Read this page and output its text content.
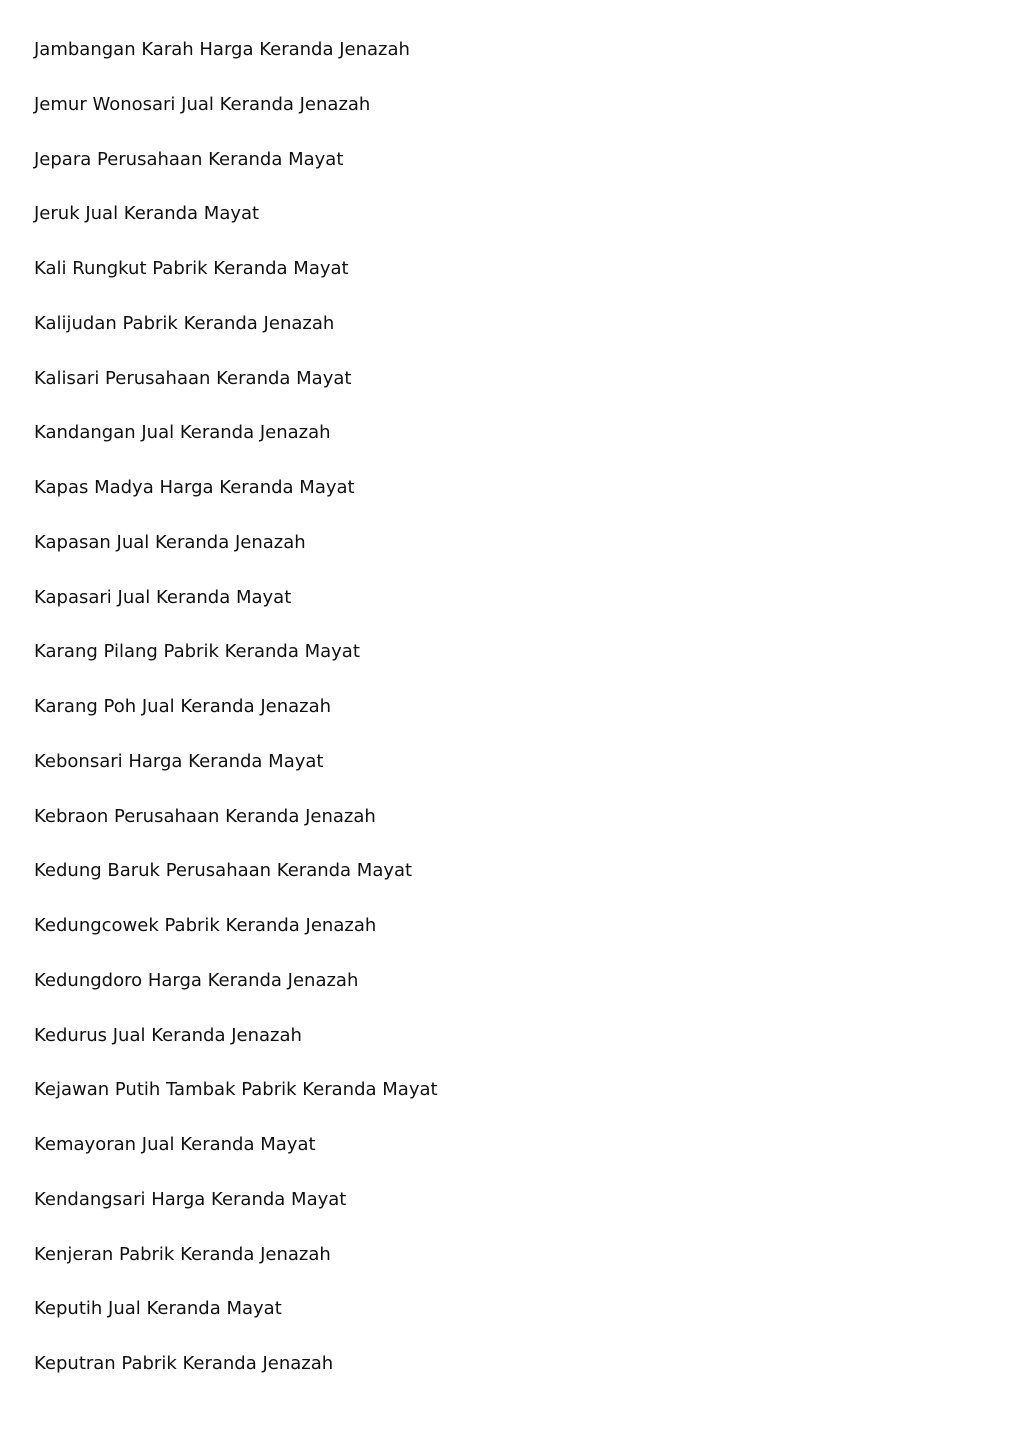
Jambangan Karah Harga Keranda Jenazah
Jemur Wonosari Jual Keranda Jenazah
Jepara Perusahaan Keranda Mayat
Jeruk Jual Keranda Mayat
Kali Rungkut Pabrik Keranda Mayat
Kalijudan Pabrik Keranda Jenazah
Kalisari Perusahaan Keranda Mayat
Kandangan Jual Keranda Jenazah
Kapas Madya Harga Keranda Mayat
Kapasan Jual Keranda Jenazah
Kapasari Jual Keranda Mayat
Karang Pilang Pabrik Keranda Mayat
Karang Poh Jual Keranda Jenazah
Kebonsari Harga Keranda Mayat
Kebraon Perusahaan Keranda Jenazah
Kedung Baruk Perusahaan Keranda Mayat
Kedungcowek Pabrik Keranda Jenazah
Kedungdoro Harga Keranda Jenazah
Kedurus Jual Keranda Jenazah
Kejawan Putih Tambak Pabrik Keranda Mayat
Kemayoran Jual Keranda Mayat
Kendangsari Harga Keranda Mayat
Kenjeran Pabrik Keranda Jenazah
Keputih Jual Keranda Mayat
Keputran Pabrik Keranda Jenazah
